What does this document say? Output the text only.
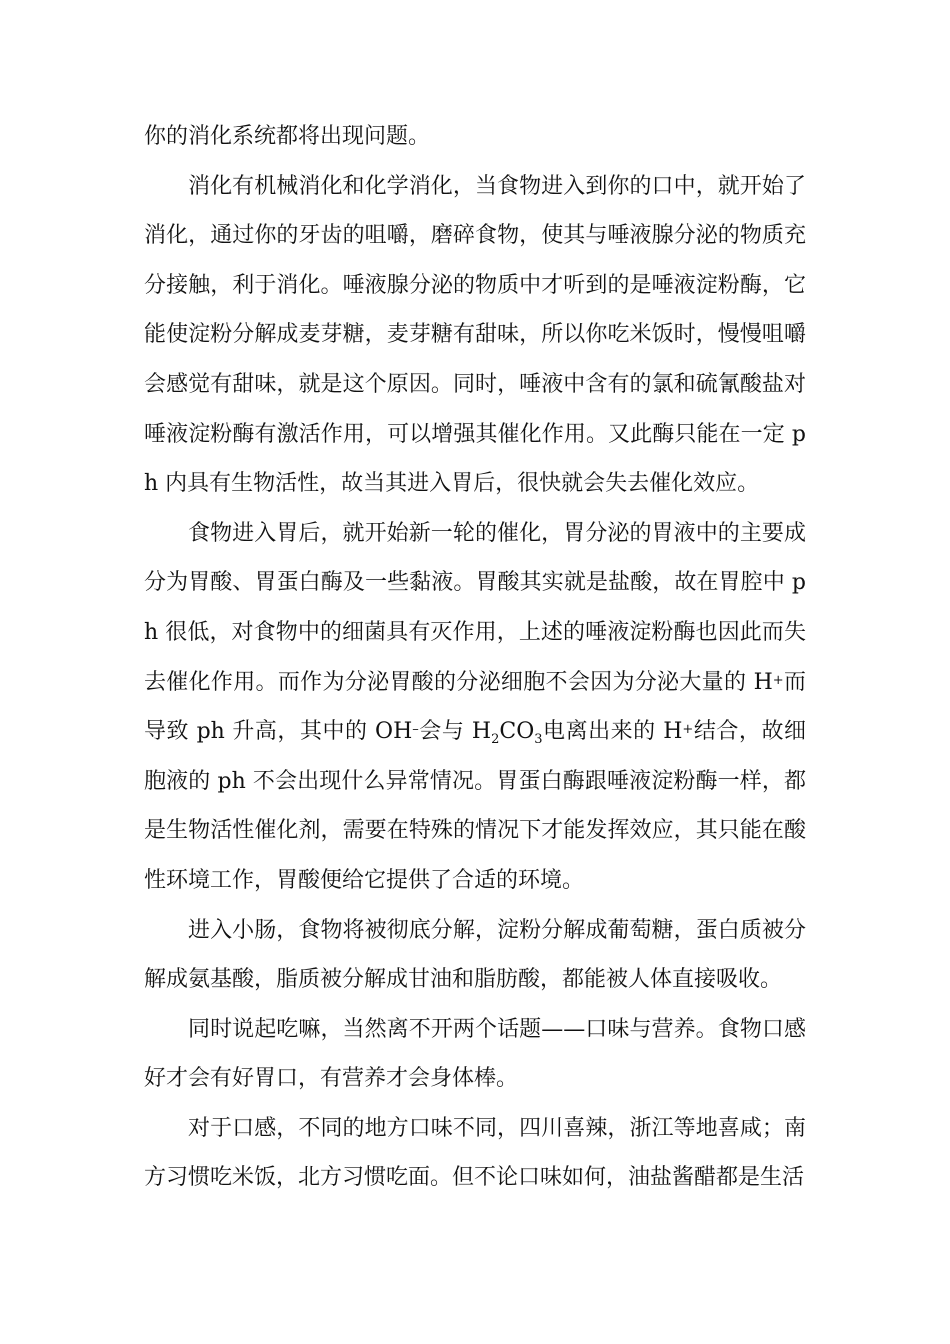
你的消化系统都将出现问题。

消化有机械消化和化学消化，当食物进入到你的口中，就开始了消化，通过你的牙齿的咀嚼，磨碎食物，使其与唾液腺分泌的物质充分接触，利于消化。唾液腺分泌的物质中才听到的是唾液淀粉酶，它能使淀粉分解成麦芽糖，麦芽糖有甜味，所以你吃米饭时，慢慢咀嚼会感觉有甜味，就是这个原因。同时，唾液中含有的氯和硫氰酸盐对唾液淀粉酶有激活作用，可以增强其催化作用。又此酶只能在一定 ph 内具有生物活性，故当其进入胃后，很快就会失去催化效应。

食物进入胃后，就开始新一轮的催化，胃分泌的胃液中的主要成分为胃酸、胃蛋白酶及一些黏液。胃酸其实就是盐酸，故在胃腔中 ph 很低，对食物中的细菌具有灭作用，上述的唾液淀粉酶也因此而失去催化作用。而作为分泌胃酸的分泌细胞不会因为分泌大量的 H+而导致 ph 升高，其中的 OH–会与 $H_2CO_3$电离出来的 H+结合，故细胞液的 ph 不会出现什么异常情况。胃蛋白酶跟唾液淀粉酶一样，都是生物活性催化剂，需要在特殊的情况下才能发挥效应，其只能在酸性环境工作，胃酸便给它提供了合适的环境。

进入小肠，食物将被彻底分解，淀粉分解成葡萄糖，蛋白质被分解成氨基酸，脂质被分解成甘油和脂肪酸，都能被人体直接吸收。

同时说起吃嘛，当然离不开两个话题——口味与营养。食物口感好才会有好胃口，有营养才会身体棒。

对于口感，不同的地方口味不同，四川喜辣，浙江等地喜咸；南方习惯吃米饭，北方习惯吃面。但不论口味如何，油盐酱醋都是生活
